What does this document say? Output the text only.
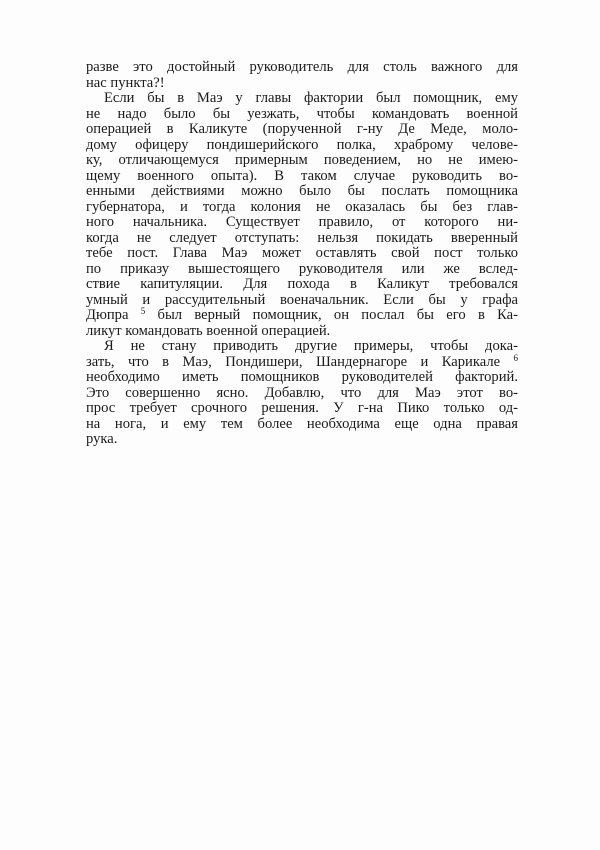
разве это достойный руководитель для столь важного для
нас пункта?!
Если бы в Маэ у главы фактории был помощник, ему
не надо было бы уезжать, чтобы командовать военной
операцией в Каликуте (порученной г-ну Де Меде, моло-
дому офицеру пондишерийского полка, храброму челове-
ку, отличающемуся примерным поведением, но не имею-
щему военного опыта). В таком случае руководить во-
енными действиями можно было бы послать помощника
губернатора, и тогда колония не оказалась бы без глав-
ного начальника. Существует правило, от которого ни-
когда не следует отступать: нельзя покидать вверенный
тебе пост. Глава Маэ может оставлять свой пост только
по приказу вышестоящего руководителя или же вслед-
ствие капитуляции. Для похода в Каликут требовался
умный и рассудительный военачальник. Если бы у графа
Дюпра $^5$ был верный помощник, он послал бы его в Ка-
ликут командовать военной операцией.
Я не стану приводить другие примеры, чтобы дока-
зать, что в Маэ, Пондишери, Шандернагоре и Карикале $^6$
необходимо иметь помощников руководителей факторий.
Это совершенно ясно. Добавлю, что для Маэ этот во-
прос требует срочного решения. У г-на Пико только од-
на нога, и ему тем более необходима еще одна правая
рука.
